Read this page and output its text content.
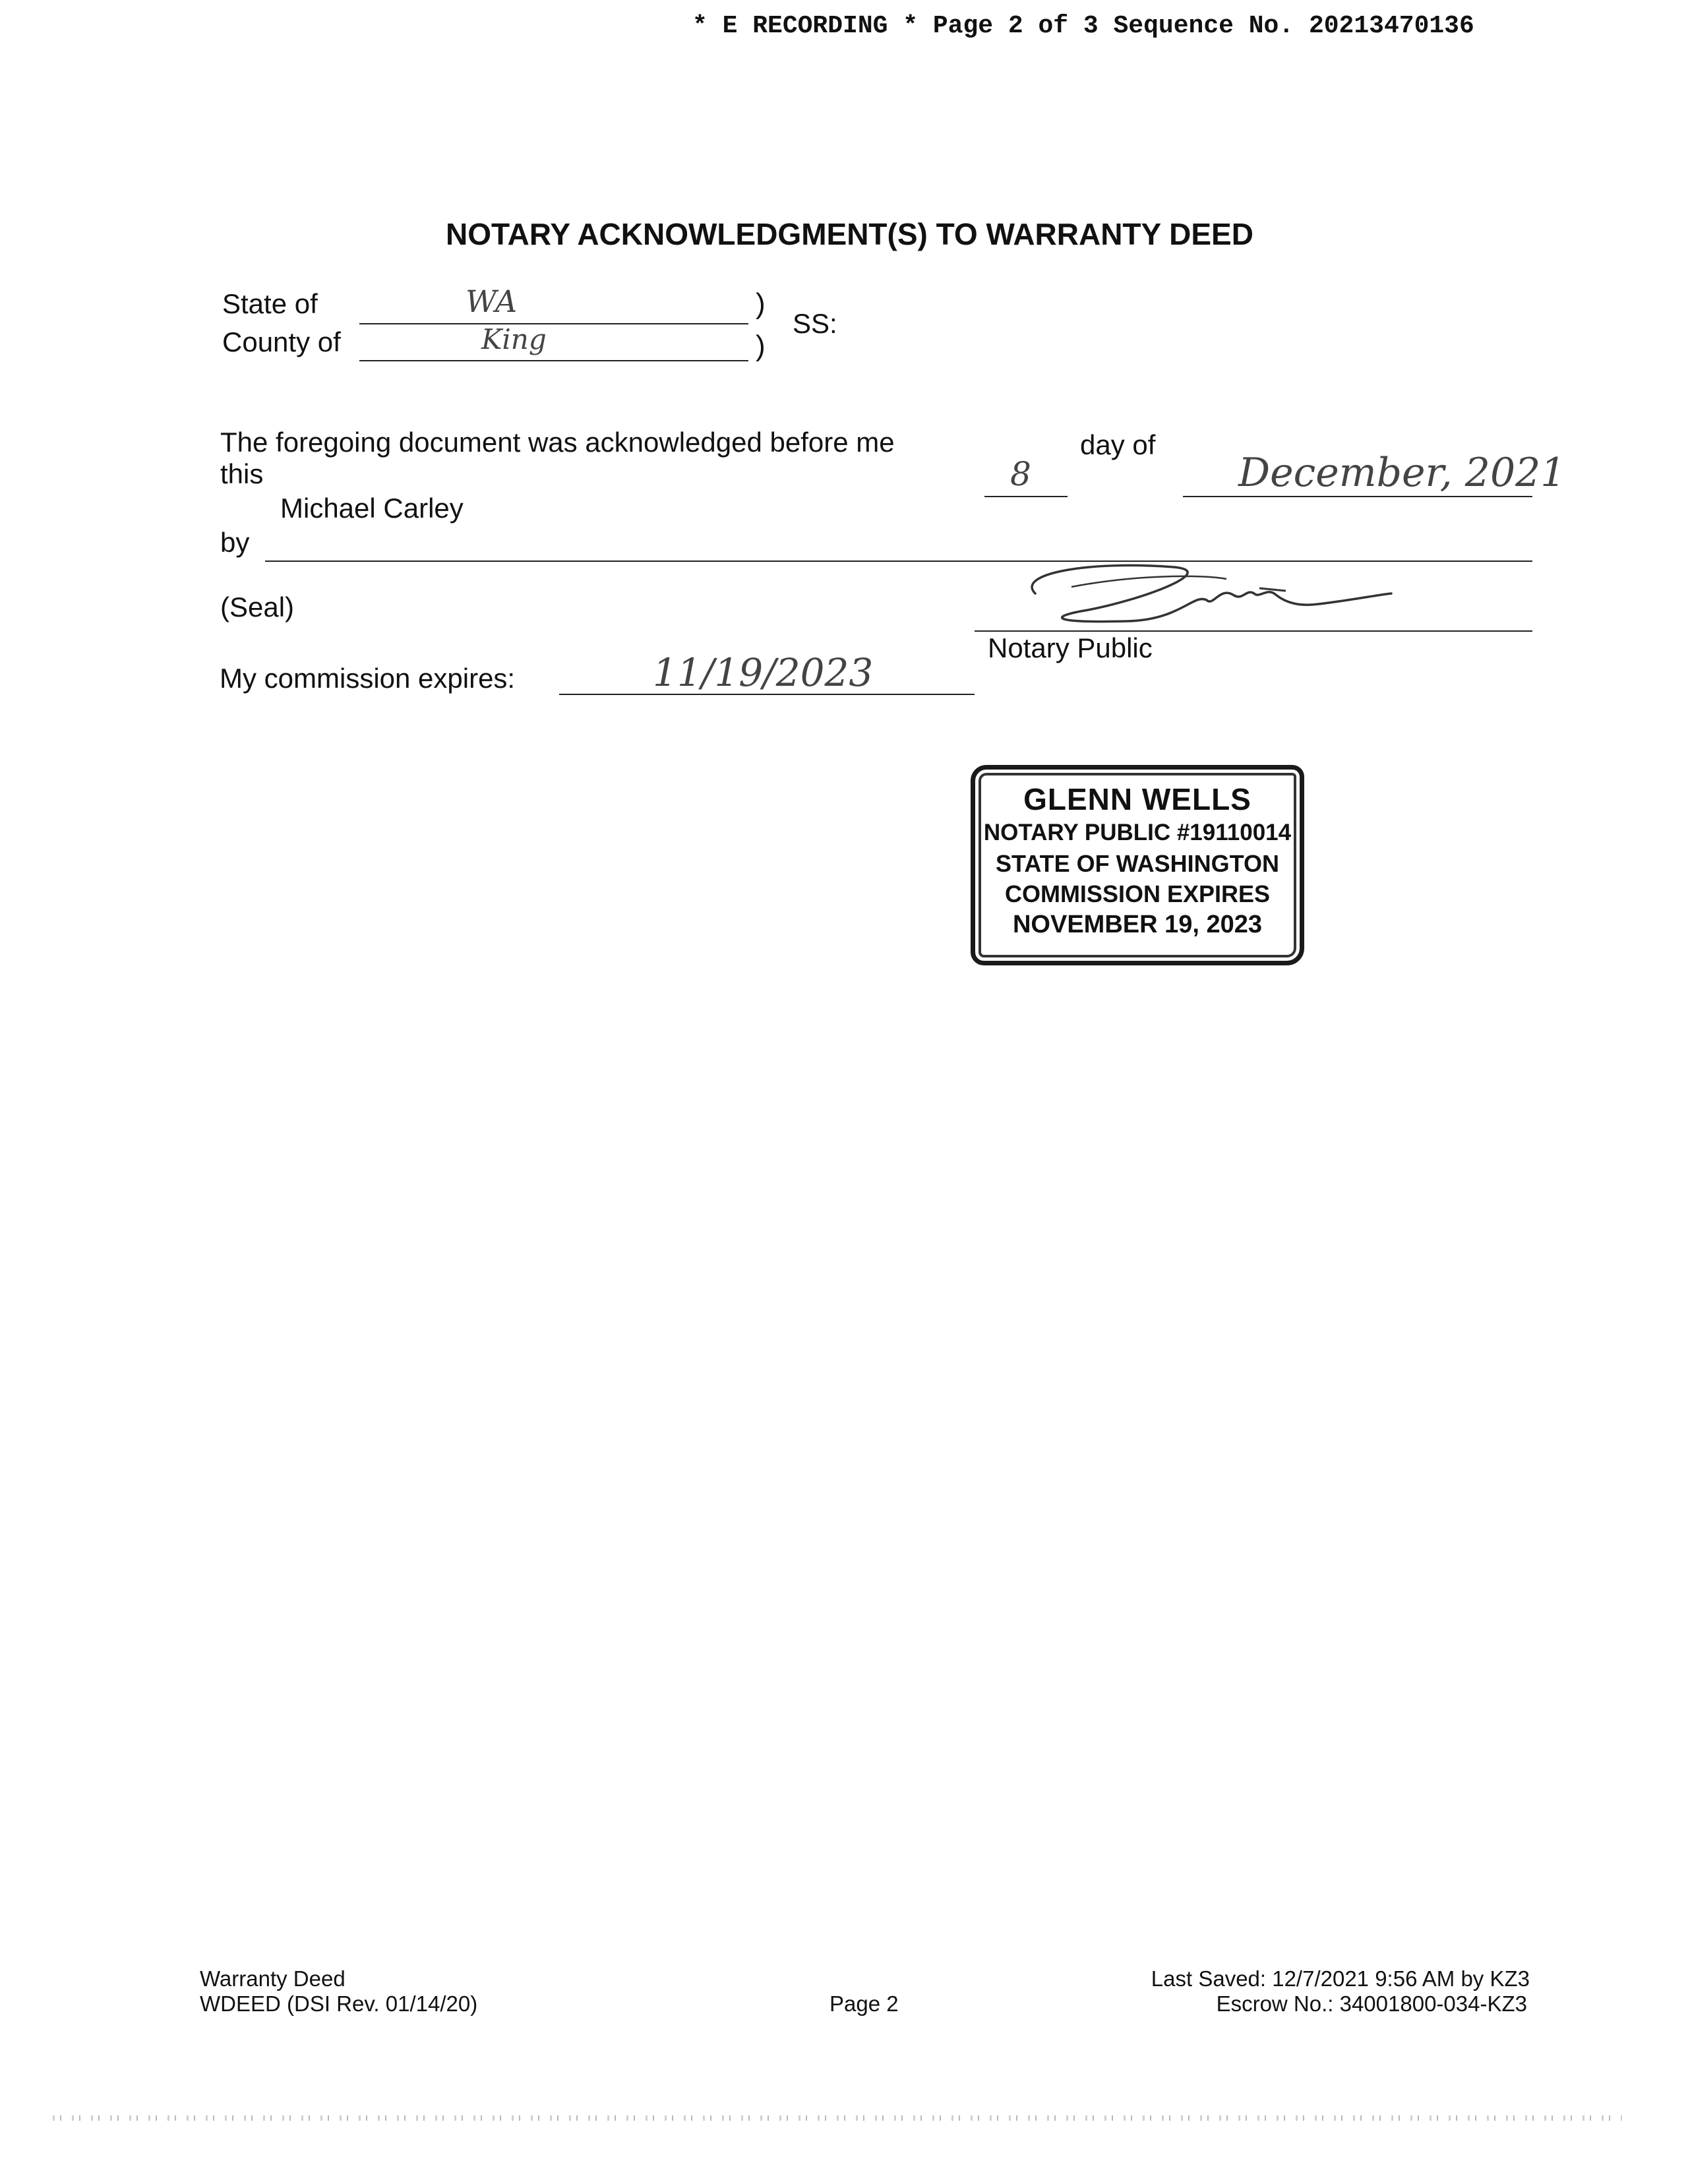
* E RECORDING * Page 2 of 3 Sequence No. 20213470136
NOTARY ACKNOWLEDGMENT(S) TO WARRANTY DEED
State of	WA	)
County of	King	)
SS:
The foregoing document was acknowledged before me
this	8
day of
December, 2021
Michael Carley
by
(Seal)
Notary Public
My commission expires:	11/19/2023
GLENN WELLS
NOTARY PUBLIC #19110014
STATE OF WASHINGTON
COMMISSION EXPIRES
NOVEMBER 19, 2023
Warranty Deed
WDEED (DSI Rev. 01/14/20)	Page 2
Last Saved: 12/7/2021 9:56 AM by KZ3
Escrow No.: 34001800-034-KZ3
